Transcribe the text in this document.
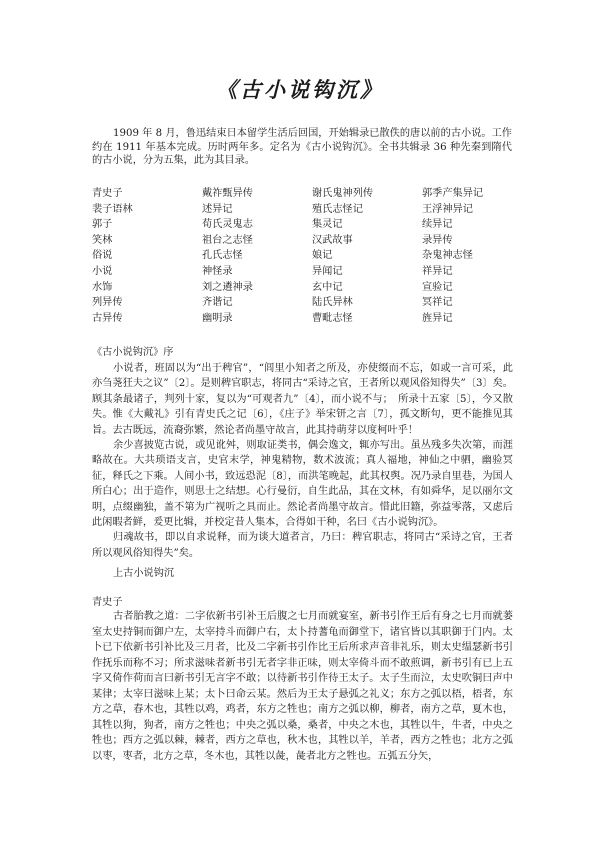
《古小说钩沉》

1909 年 8 月，鲁迅结束日本留学生活后回国，开始辑录已散佚的唐以前的古小说。工作约在 1911 年基本完成。历时两年多。定名为《古小说钩沉》。全书共辑录 36 种先秦到隋代的古小说，分为五集，此为其目录。

青史子	戴祚甄异传	谢氏鬼神列传	郭季产集异记
裴子语林	述异记	殖氏志怪记	王浮神异记
郭子	荀氏灵鬼志	集灵记	续异记
笑林	祖台之志怪	汉武故事	录异传
俗说	孔氏志怪	娘记	杂鬼神志怪
小说	神怪录	异闻记	祥异记
水饰	刘之遴神录	玄中记	宣验记
列异传	齐谐记	陆氏异林	冥祥记
古异传	幽明录	曹毗志怪	旌异记

《古小说钩沉》序

小说者，班固以为“出于稗官”，“闾里小知者之所及，亦使缀而不忘，如或一言可采，此亦刍荛狂夫之议”〔2〕。是则稗官职志，将同古“采诗之官，王者所以观风俗知得失”〔3〕矣。顾其条最诸子，判列十家，复以为“可观者九”〔4〕，而小说不与；　所录十五家〔5〕，今又散失。惟《大戴礼》引有青史氏之记〔6〕，《庄子》举宋钘之言〔7〕，孤文断句，更不能推见其旨。去古既远，流裔弥繁，然论者尚墨守故言，此其持萌芽以度柯叶乎！

余少喜披览古说，或见讹舛，则取证类书，偶会逸文，辄亦写出。虽丛残多失次第，而涯略故在。大共琐语支言，史官末学，神鬼精物，数术波流；真人福地，神仙之中驷，幽验冥征，释氏之下乘。人间小书，致远恐泥〔8〕，而洪笔晚起，此其权舆。况乃录自里巷，为国人所白心；出于造作，则思士之结想。心行曼衍，自生此品，其在文林，有如舜华，足以丽尔文明，点缀幽独，盖不第为广视听之具而止。然论者尚墨守故言。惜此旧籍，弥益零落，又虑后此闲暇者鲜，爰更比辑，并校定昔人集本，合得如干种，名曰《古小说钩沉》。

归魂故书，即以自求说释，而为谈大道者言，乃曰：稗官职志，将同古“采诗之官，王者所以观风俗知得失”矣。

上古小说钩沉

青史子

古者胎教之道：二字依新书引补王后腹之七月而就宴室，新书引作王后有身之七月而就蒌室太史持铜而御户左，太宰持斗而御户右，太卜持蓍龟而御堂下，诸官皆以其职御于门内。太卜已下依新书引补比及三月者，比及二字新书引作比王后所求声音非礼乐，则太史缊瑟新书引作抚乐而称不习；所求滋味者新书引无者字非正味，则太宰倚斗而不敢煎调，新书引有已上五字又倚作荷而言曰新书引无言字不敢；以待新书引作待王太子。太子生而泣，太史吹铜曰声中某律；太宰曰滋味上某；太卜曰命云某。然后为王太子悬弧之礼义；东方之弧以梧，梧者，东方之草，春木也，其牲以鸡，鸡者，东方之牲也；南方之弧以柳，柳者，南方之草，夏木也，其牲以狗，狗者，南方之牲也；中央之弧以桑，桑者，中央之木也，其牲以牛，牛者，中央之牲也；西方之弧以棘，棘者，西方之草也，秋木也，其牲以羊，羊者，西方之牲也；北方之弧以枣，枣者，北方之草，冬木也，其牲以彘，彘者北方之牲也。五弧五分矢，
